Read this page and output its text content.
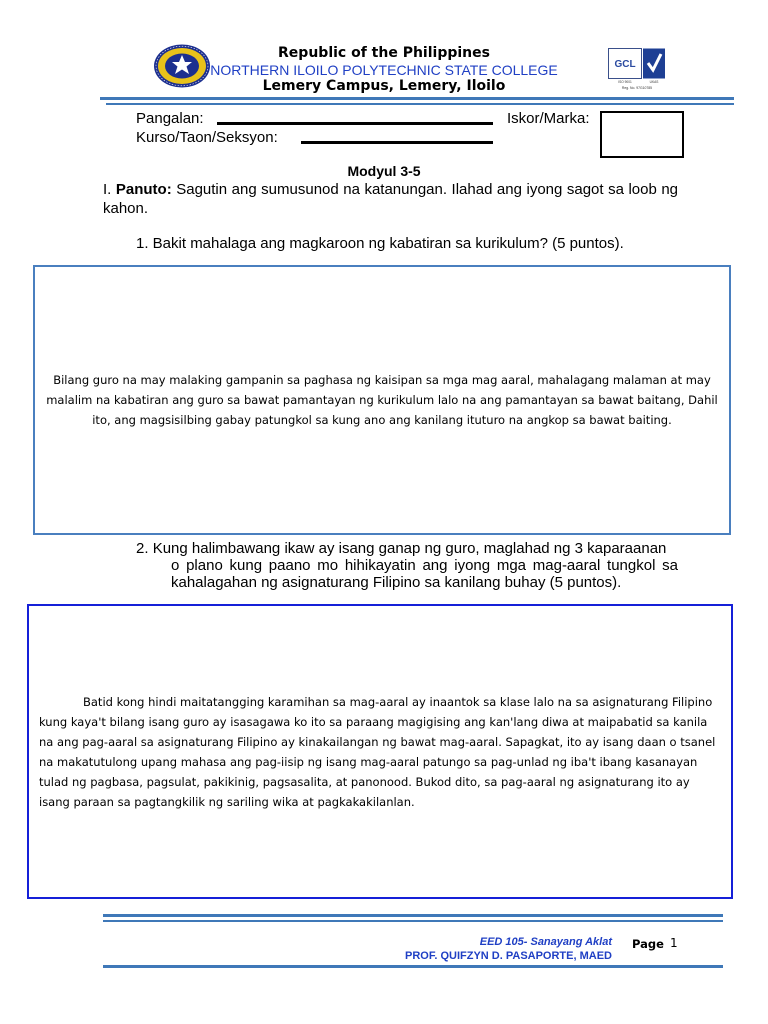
Republic of the Philippines
NORTHERN ILOILO POLYTECHNIC STATE COLLEGE
Lemery Campus, Lemery, Iloilo
GCL
ISO 9001	UKAS
Reg. No. 97G10785
Pangalan:	Iskor/Marka:
Kurso/Taon/Seksyon:
Modyul 3-5
I. Panuto: Sagutin ang sumusunod na katanungan. Ilahad ang iyong sagot sa loob ng kahon.
1. Bakit mahalaga ang magkaroon ng kabatiran sa kurikulum? (5 puntos).
Bilang guro na may malaking gampanin sa paghasa ng kaisipan sa mga mag aaral, mahalagang malaman at may malalim na kabatiran ang guro sa bawat pamantayan ng kurikulum lalo na ang pamantayan sa bawat baitang, Dahil ito, ang magsisilbing gabay patungkol sa kung ano ang kanilang ituturo na angkop sa bawat baiting.
2. Kung halimbawang ikaw ay isang ganap ng guro, maglahad ng 3 kaparaanan
o plano kung paano mo hihikayatin ang iyong mga mag-aaral tungkol sa kahalagahan ng asignaturang Filipino sa kanilang buhay (5 puntos).
Batid kong hindi maitatangging karamihan sa mag-aaral ay inaantok sa klase lalo na sa asignaturang Filipino kung kaya't bilang isang guro ay isasagawa ko ito sa paraang magigising ang kan'lang diwa at maipabatid sa kanila na ang pag-aaral sa asignaturang Filipino ay kinakailangan ng bawat mag-aaral. Sapagkat, ito ay isang daan o tsanel na makatutulong upang mahasa ang pag-iisip ng isang mag-aaral patungo sa pag-unlad ng iba't ibang kasanayan tulad ng pagbasa, pagsulat, pakikinig, pagsasalita, at panonood. Bukod dito, sa pag-aaral ng asignaturang ito ay isang paraan sa pagtangkilik ng sariling wika at pagkakakilanlan.
EED 105- Sanayang Aklat
PROF. QUIFZYN D. PASAPORTE, MAED
Page 1
